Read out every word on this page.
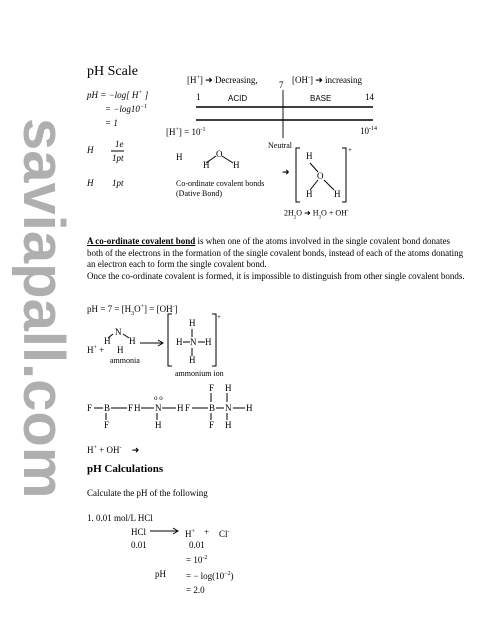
saviapall.com
pH Scale
pH = −log[ H+ ]
= $-\log 10^{-1}$
= 1
H
1e
1pt
H 1pt
[H+] ➜ Decreasing, 7 [OH-] ➜ increasing
1	ACID	BASE	14
$[H^+] = 10^{-1}$
Neutral
$10^{-14}$
H	O
H	H
Co-ordinate covalent bonds
(Dative Bond)
➜
H
O
H H
+
$2H_2O$ ➜ $H_3O + OH^-$

A co-ordinate covalent bond is when one of the atoms involved in the single covalent bond donates both of the electrons in the formation of the single covalent bonds, instead of each of the atoms donating an electron each to form the single covalent bond.

Once the co-ordinate covalent is formed, it is impossible to distinguish from other single covalent bonds.

pH = $7 = [H_3O^+] = [OH^-]$
H+ +
N
H H
H
ammonia
H
H N H
H
+
ammonium ion
F B F
F
o o
H N H
H
F H
F B N H
F H
H+ + OH- ➜
pH Calculations
Calculate the pH of the following
1. 0.01 mol/L HCl
HCl	H+ + Cl-
0.01	0.01
= $10^{-2}$
pH = − $\log(10^{-2})$
= 2.0
